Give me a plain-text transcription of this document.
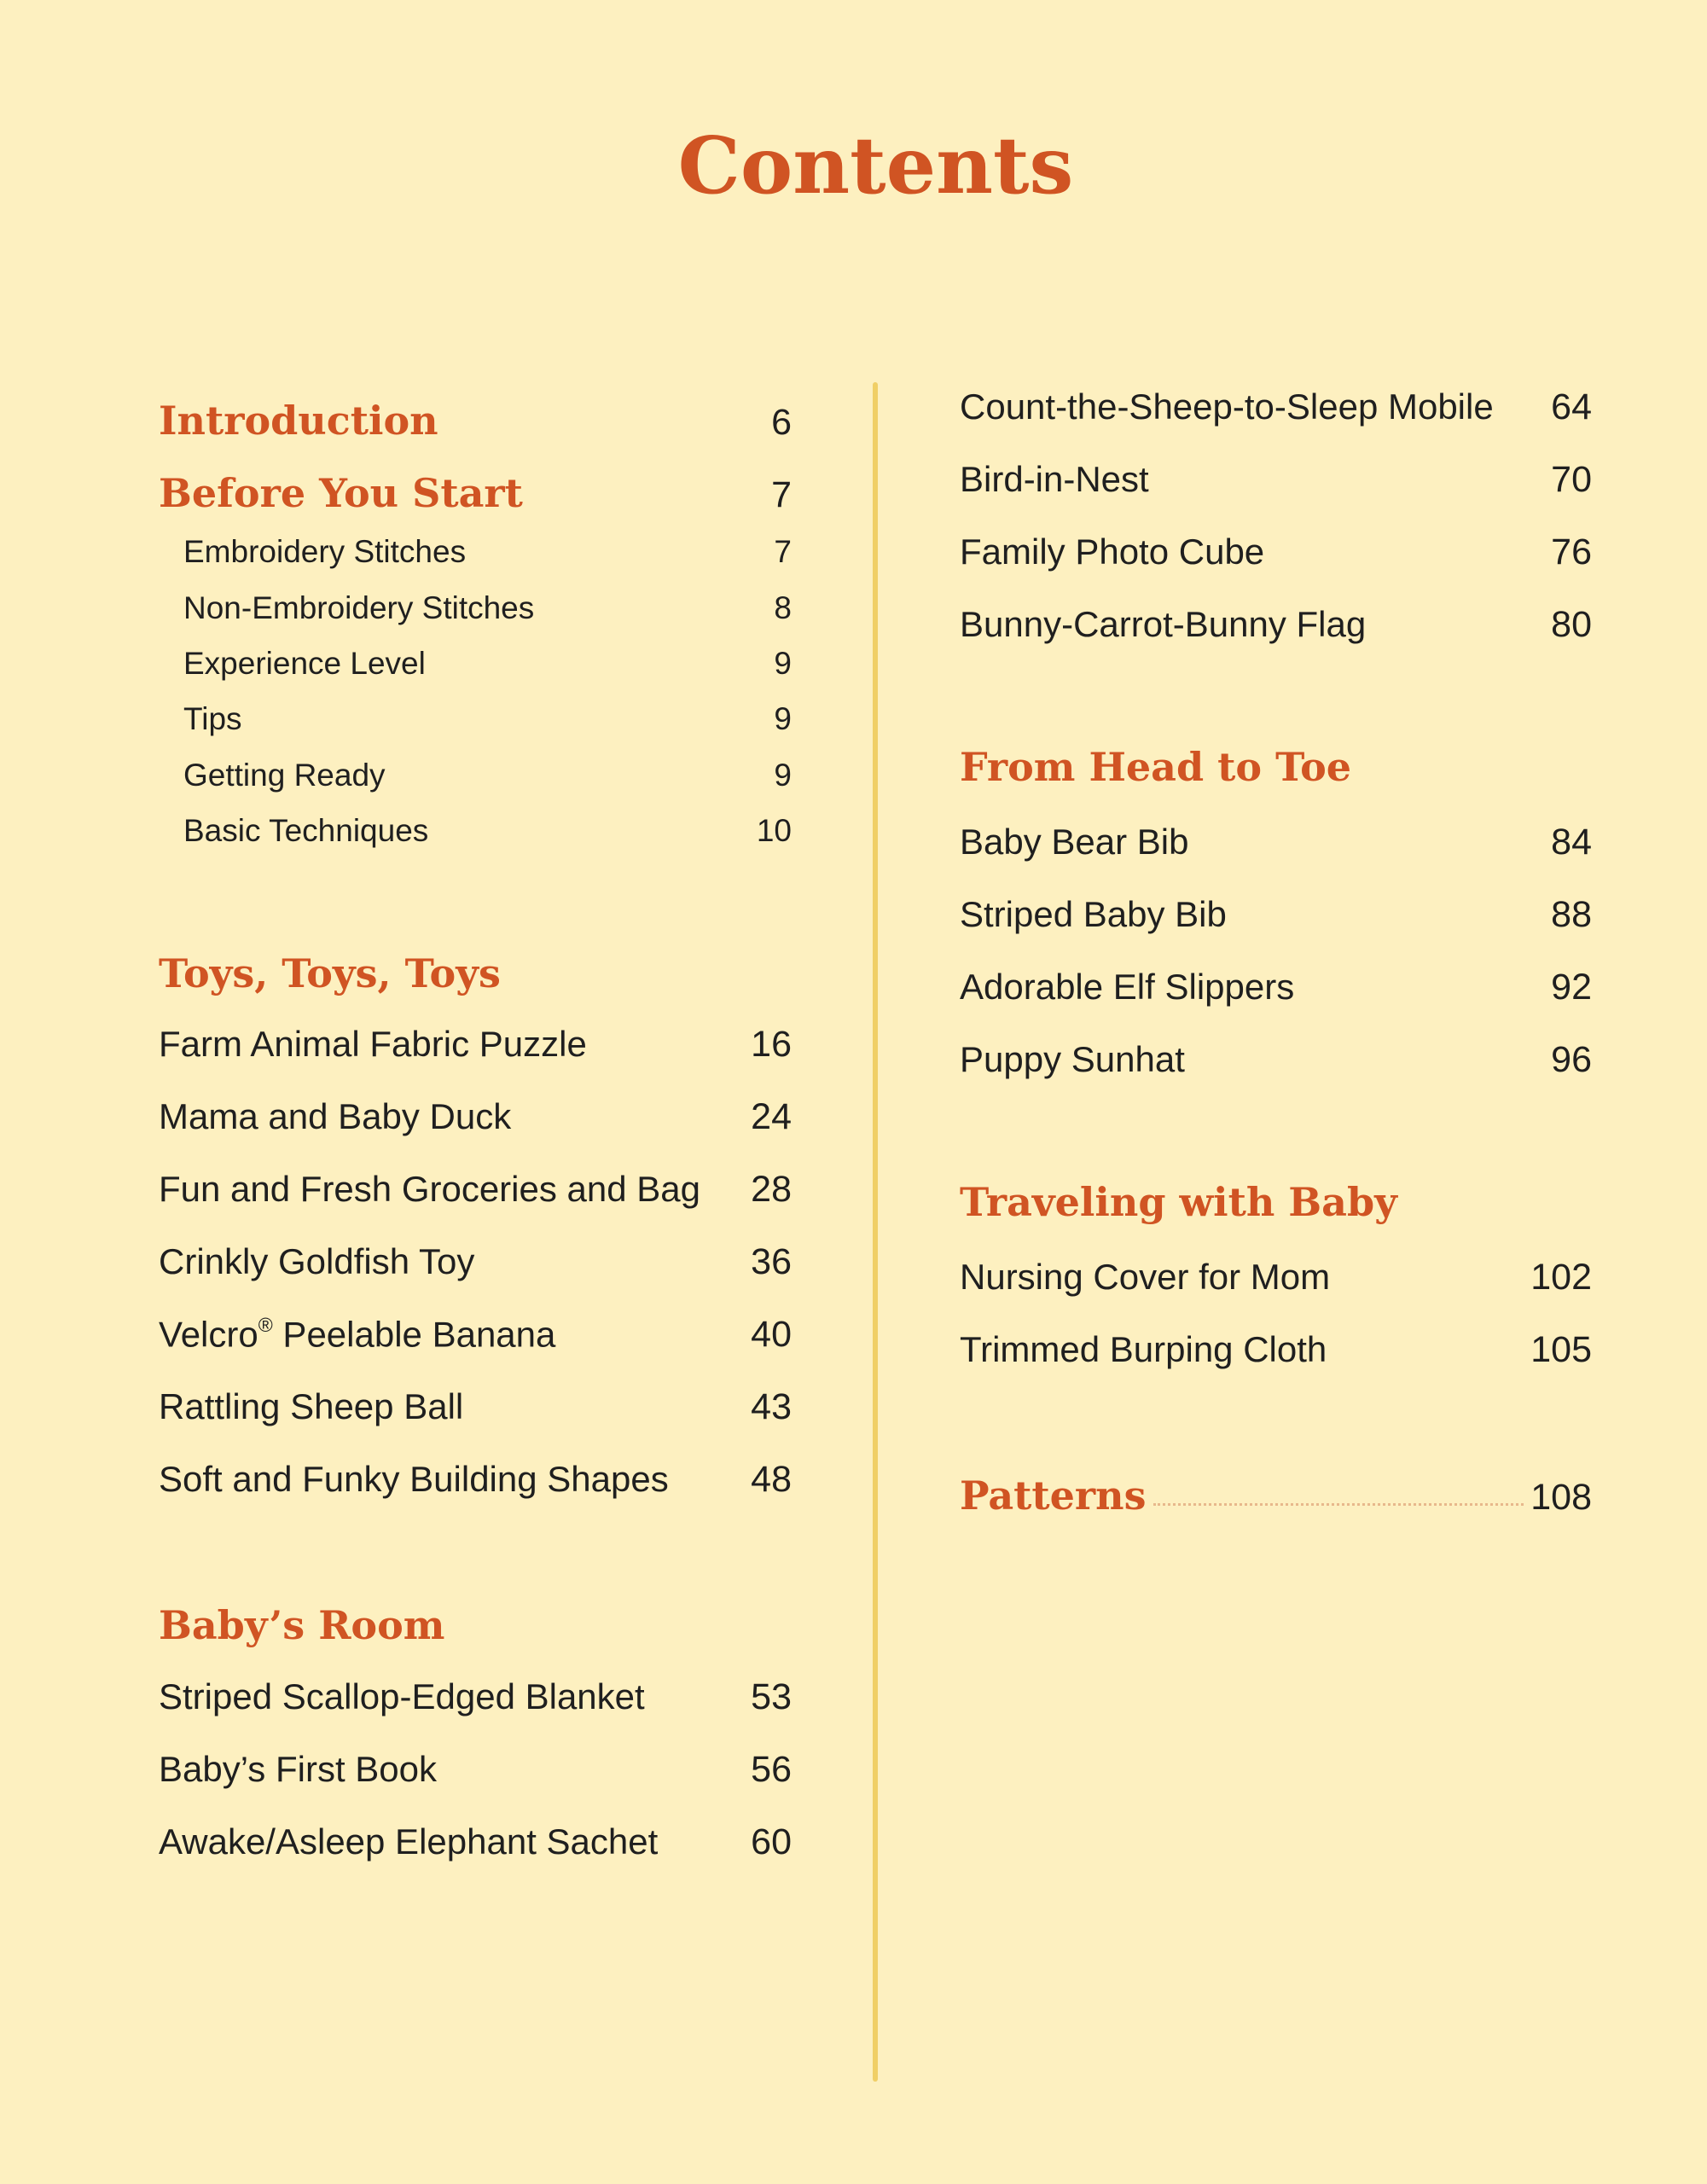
Contents
Introduction	6
Before You Start	7
Embroidery Stitches	7
Non-Embroidery Stitches	8
Experience Level	9
Tips	9
Getting Ready	9
Basic Techniques	10
Toys, Toys, Toys
Farm Animal Fabric Puzzle	16
Mama and Baby Duck	24
Fun and Fresh Groceries and Bag 28
Crinkly Goldfish Toy	36
Velcro® Peelable Banana	40
Rattling Sheep Ball	43
Soft and Funky Building Shapes 48
Baby’s Room
Striped Scallop-Edged Blanket	53
Baby’s First Book	56
Awake/Asleep Elephant Sachet	60
Count-the-Sheep-to-Sleep Mobile 64
Bird-in-Nest	70
Family Photo Cube	76
Bunny-Carrot-Bunny Flag	80
From Head to Toe
Baby Bear Bib	84
Striped Baby Bib	88
Adorable Elf Slippers	92
Puppy Sunhat	96
Traveling with Baby
Nursing Cover for Mom	102
Trimmed Burping Cloth	105
Patterns	108
